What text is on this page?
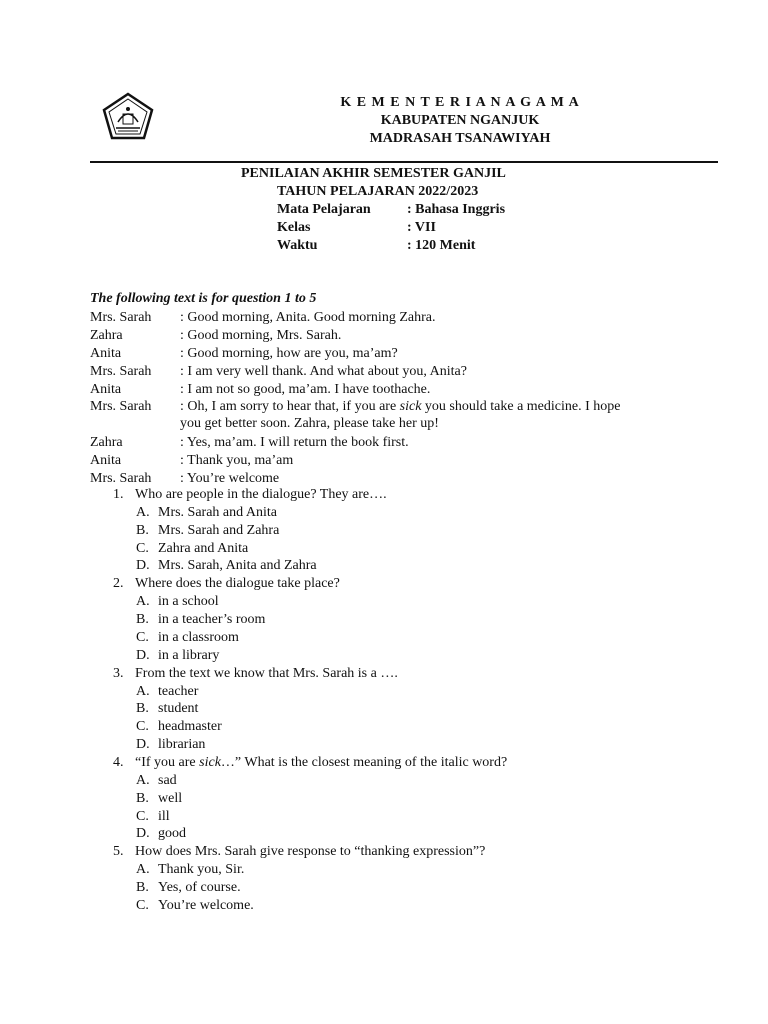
K E M E N T E R I A N A G A M A
KABUPATEN NGANJUK
MADRASAH TSANAWIYAH
PENILAIAN AKHIR SEMESTER GANJIL
TAHUN PELAJARAN 2022/2023
Mata Pelajaran	: Bahasa Inggris
Kelas	: VII
Waktu	: 120 Menit
The following text is for question 1 to 5
Mrs. Sarah : Good morning, Anita. Good morning Zahra.
Zahra	: Good morning, Mrs. Sarah.
Anita	: Good morning, how are you, ma’am?
Mrs. Sarah : I am very well thank. And what about you, Anita?
Anita	: I am not so good, ma’am. I have toothache.
Mrs. Sarah : Oh, I am sorry to hear that, if you are sick you should take a medicine. I hope
you get better soon. Zahra, please take her up!
Zahra	: Yes, ma’am. I will return the book first.
Anita	: Thank you, ma’am
Mrs. Sarah : You’re welcome
1. Who are people in the dialogue? They are….
A. Mrs. Sarah and Anita
B. Mrs. Sarah and Zahra
C. Zahra and Anita
D. Mrs. Sarah, Anita and Zahra
2. Where does the dialogue take place?
A. in a school
B. in a teacher’s room
C. in a classroom
D. in a library
3. From the text we know that Mrs. Sarah is a ….
A. teacher
B. student
C. headmaster
D. librarian
4. “If you are sick…” What is the closest meaning of the italic word?
A. sad
B. well
C. ill
D. good
5. How does Mrs. Sarah give response to “thanking expression”?
A. Thank you, Sir.
B. Yes, of course.
C. You’re welcome.
